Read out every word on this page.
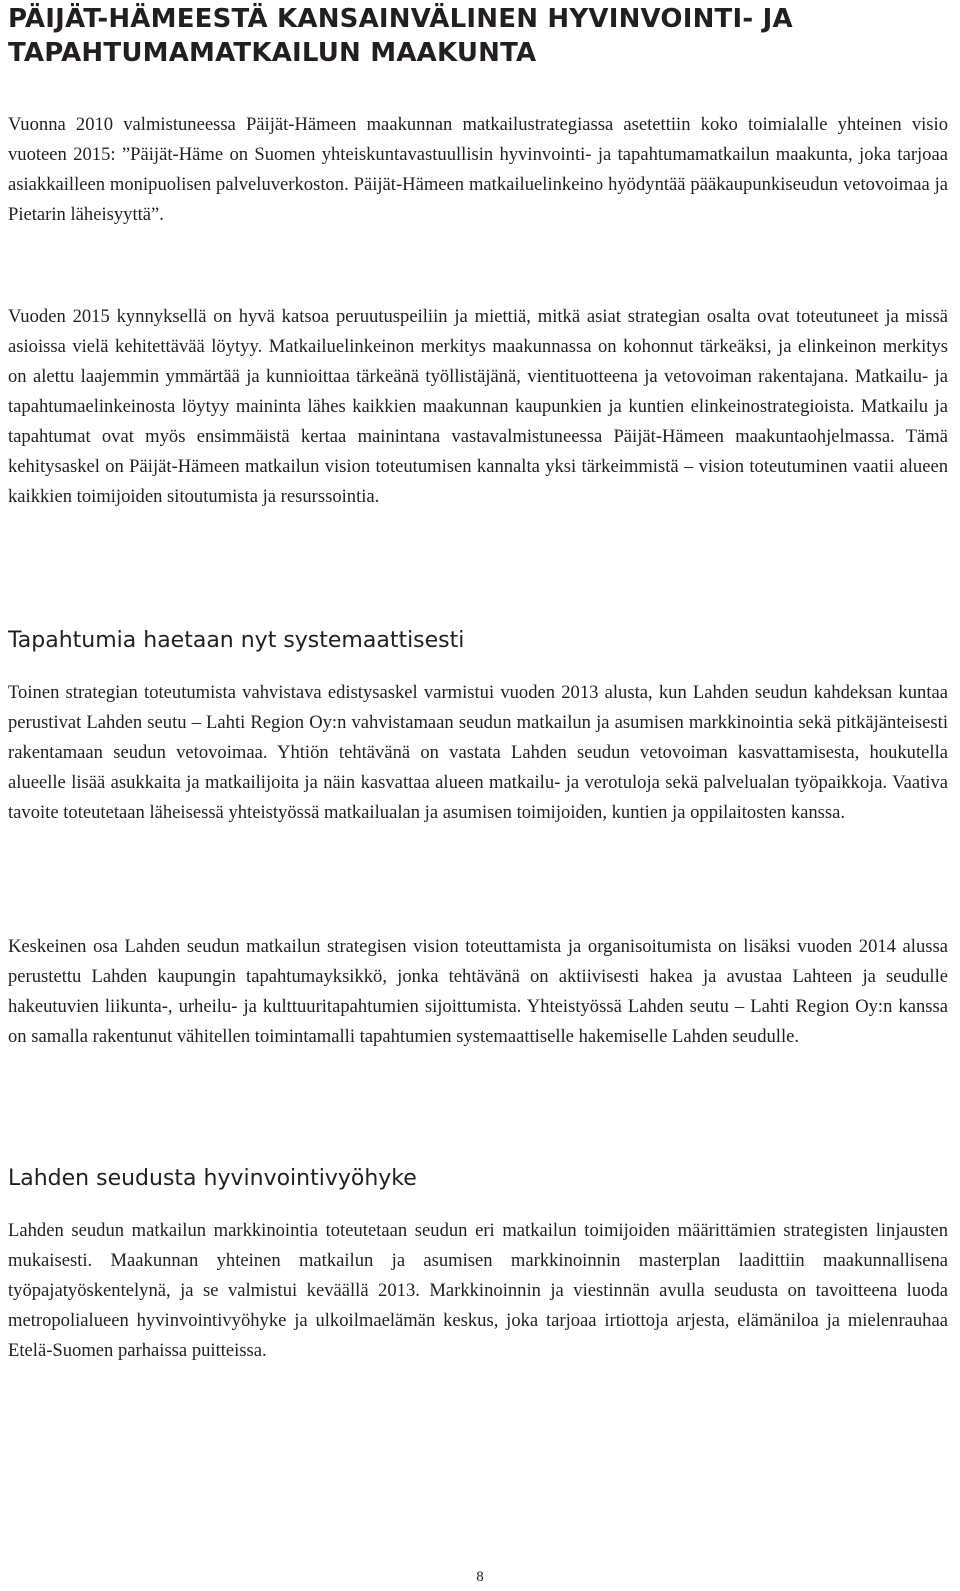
PÄIJÄT-HÄMEESTÄ KANSAINVÄLINEN HYVINVOINTI- JA
TAPAHTUMAMATKAILUN MAAKUNTA

Vuonna 2010 valmistuneessa Päijät-Hämeen maakunnan matkailustrategiassa asetettiin koko toimialalle yhteinen visio vuoteen 2015: ”Päijät-Häme on Suomen yhteiskuntavastuullisin hyvinvointi- ja tapahtumamatkailun maakunta, joka tarjoaa asiakkailleen monipuolisen palveluverkoston. Päijät-Hämeen matkailuelinkeino hyödyntää pääkaupunkiseudun vetovoimaa ja Pietarin läheisyyttä”.

Vuoden 2015 kynnyksellä on hyvä katsoa peruutuspeiliin ja miettiä, mitkä asiat strategian osalta ovat toteutuneet ja missä asioissa vielä kehitettävää löytyy. Matkailuelinkeinon merkitys maakunnassa on kohonnut tärkeäksi, ja elinkeinon merkitys on alettu laajemmin ymmärtää ja kunnioittaa tärkeänä työllistäjänä, vientituotteena ja vetovoiman rakentajana. Matkailu- ja tapahtumaelinkeinosta löytyy maininta lähes kaikkien maakunnan kaupunkien ja kuntien elinkeinostrategioista. Matkailu ja tapahtumat ovat myös ensimmäistä kertaa mainintana vastavalmistuneessa Päijät-Hämeen maakuntaohjelmassa. Tämä kehitysaskel on Päijät-Hämeen matkailun vision toteutumisen kannalta yksi tärkeimmistä – vision toteutuminen vaatii alueen kaikkien toimijoiden sitoutumista ja resurssointia.

Tapahtumia haetaan nyt systemaattisesti

Toinen strategian toteutumista vahvistava edistysaskel varmistui vuoden 2013 alusta, kun Lahden seudun kahdeksan kuntaa perustivat Lahden seutu – Lahti Region Oy:n vahvistamaan seudun matkailun ja asumisen markkinointia sekä pitkäjänteisesti rakentamaan seudun vetovoimaa. Yhtiön tehtävänä on vastata Lahden seudun vetovoiman kasvattamisesta, houkutella alueelle lisää asukkaita ja matkailijoita ja näin kasvattaa alueen matkailu- ja verotuloja sekä palvelualan työpaikkoja. Vaativa tavoite toteutetaan läheisessä yhteistyössä matkailualan ja asumisen toimijoiden, kuntien ja oppilaitosten kanssa.

Keskeinen osa Lahden seudun matkailun strategisen vision toteuttamista ja organisoitumista on lisäksi vuoden 2014 alussa perustettu Lahden kaupungin tapahtumayksikkö, jonka tehtävänä on aktiivisesti hakea ja avustaa Lahteen ja seudulle hakeutuvien liikunta-, urheilu- ja kulttuuritapahtumien sijoittumista. Yhteistyössä Lahden seutu – Lahti Region Oy:n kanssa on samalla rakentunut vähitellen toimintamalli tapahtumien systemaattiselle hakemiselle Lahden seudulle.

Lahden seudusta hyvinvointivyöhyke

Lahden seudun matkailun markkinointia toteutetaan seudun eri matkailun toimijoiden määrittämien strategisten linjausten mukaisesti. Maakunnan yhteinen matkailun ja asumisen markkinoinnin masterplan laadittiin maakunnallisena työpajatyöskentelynä, ja se valmistui keväällä 2013. Markkinoinnin ja viestinnän avulla seudusta on tavoitteena luoda metropolialueen hyvinvointivyöhyke ja ulkoilmaelämän keskus, joka tarjoaa irtiottoja arjesta, elämäniloa ja mielenrauhaa Etelä-Suomen parhaissa puitteissa.

8
